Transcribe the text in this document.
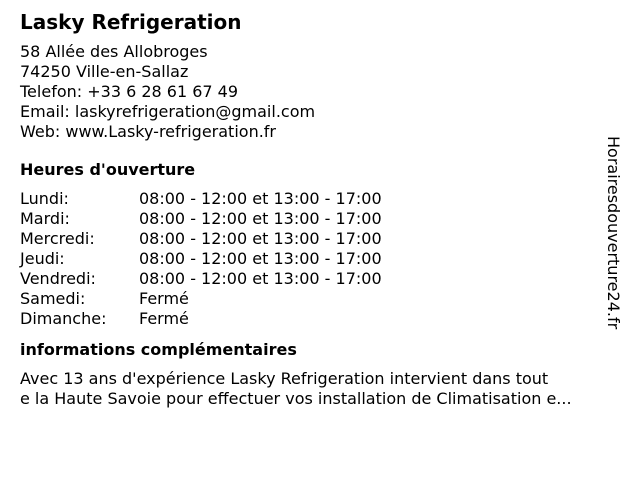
Lasky Refrigeration
58 Allée des Allobroges
74250 Ville-en-Sallaz
Telefon: +33 6 28 61 67 49
Email: laskyrefrigeration@gmail.com
Web: www.Lasky-refrigeration.fr
Heures d'ouverture
Lundi:	08:00 - 12:00 et 13:00 - 17:00
Mardi:	08:00 - 12:00 et 13:00 - 17:00
Mercredi:	08:00 - 12:00 et 13:00 - 17:00
Jeudi:	08:00 - 12:00 et 13:00 - 17:00
Vendredi:	08:00 - 12:00 et 13:00 - 17:00
Samedi:	Fermé
Dimanche:	Fermé
informations complémentaires
Avec 13 ans d'expérience Lasky Refrigeration intervient dans tout
e la Haute Savoie pour effectuer vos installation de Climatisation e...
Horairesdouverture24.fr
